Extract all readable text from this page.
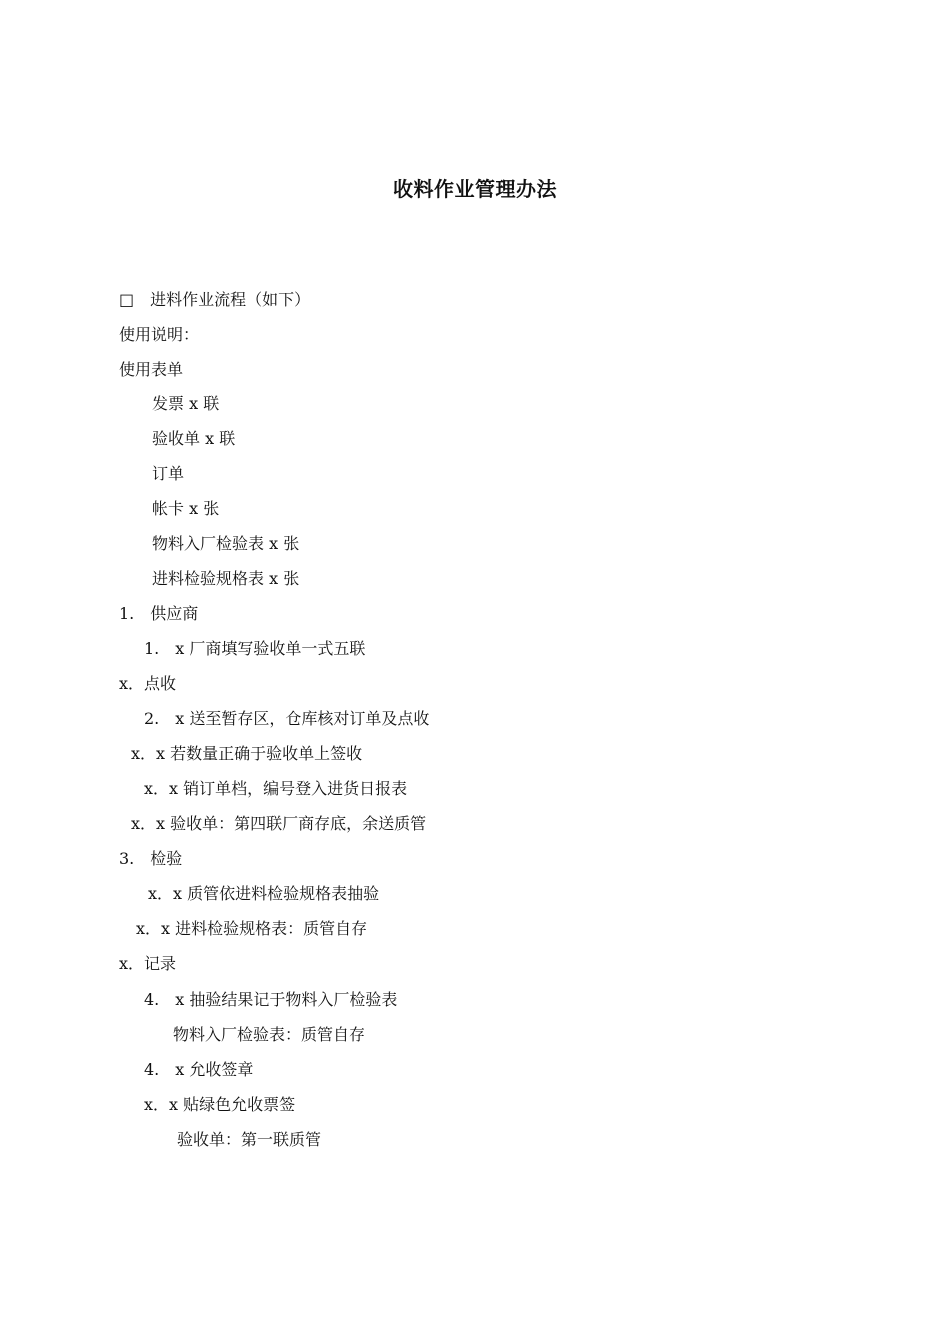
收料作业管理办法
□　进料作业流程（如下）
使用说明：
使用表单
发票 x 联
验收单 x 联
订单
帐卡 x 张
物料入厂检验表 x 张
进料检验规格表 x 张
1.　供应商
1.　x 厂商填写验收单一式五联
x．点收
2.　x 送至暂存区，仓库核对订单及点收
x．x 若数量正确于验收单上签收
x．x 销订单档，编号登入进货日报表
x．x 验收单：第四联厂商存底，余送质管
3.　检验
x．x 质管依进料检验规格表抽验
x．x 进料检验规格表：质管自存
x．记录
4.　x 抽验结果记于物料入厂检验表
物料入厂检验表：质管自存
4.　x 允收签章
x．x 贴绿色允收票签
验收单：第一联质管
